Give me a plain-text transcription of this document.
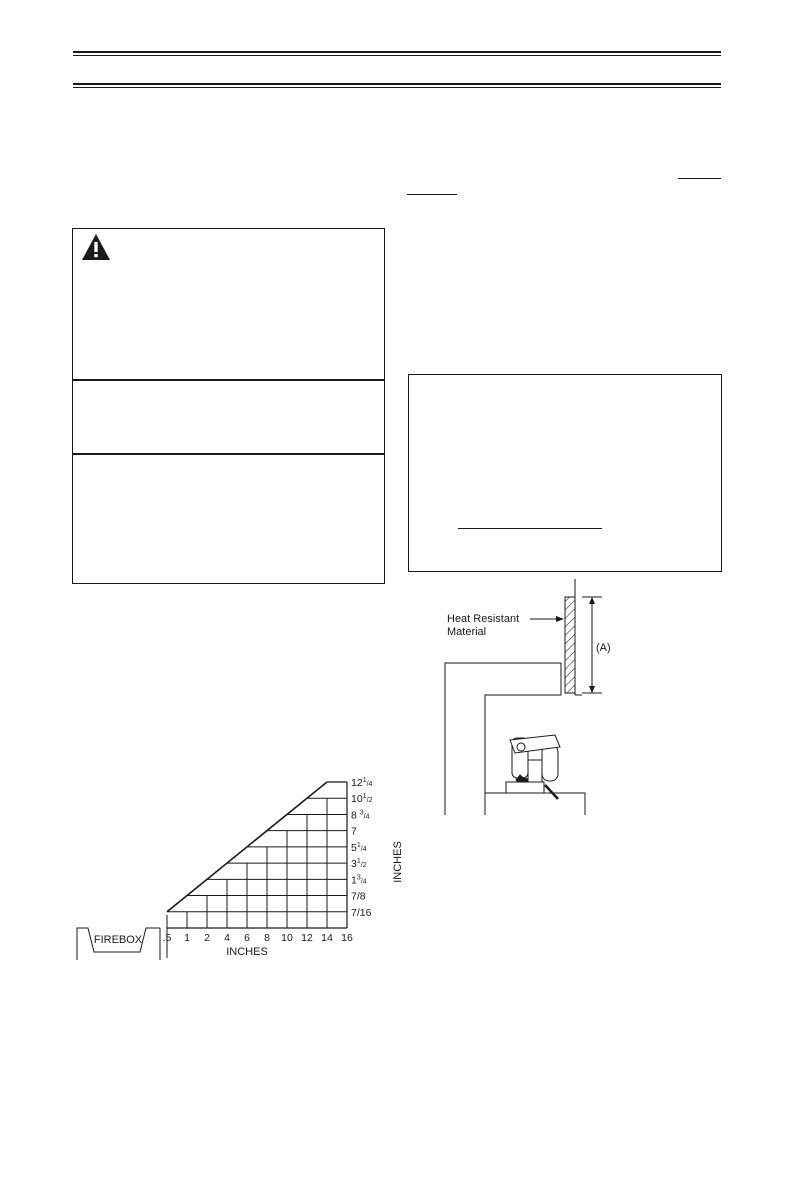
FIREBOX .5 1 2 4 6 8 10 12 14 16
7/16
7/8
$1^3_{/4}$
$3^1_{/2}$
$5^1_{/4}$
7
8 $^3_{/4}$
$10^1_{/2}$
$12^1_{/4}$
INCHES
INCHES
(A)
Heat Resistant
Material
